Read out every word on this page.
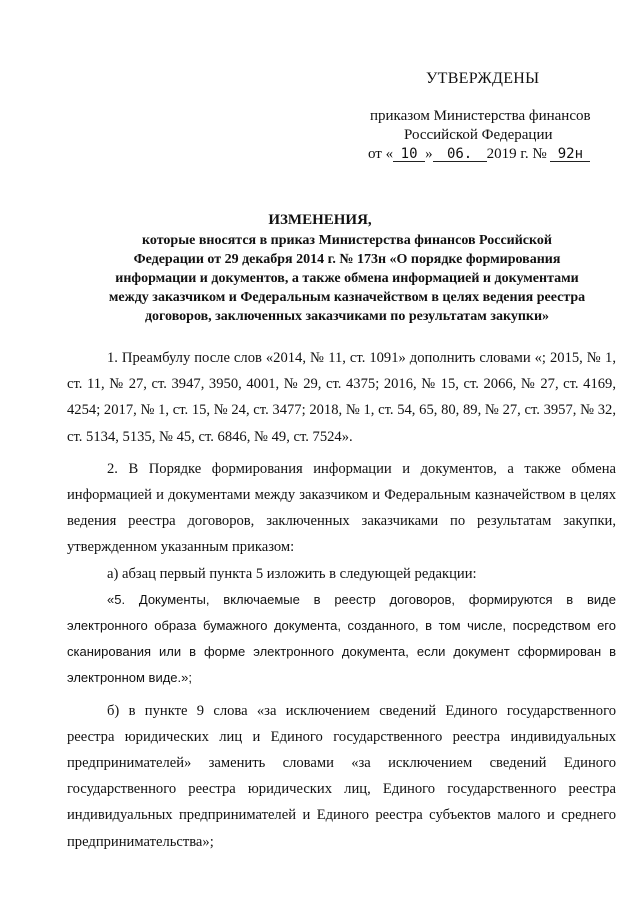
УТВЕРЖДЕНЫ
приказом Министерства финансов
Российской Федерации
от « 10 » 06. 2019 г. № 92н
ИЗМЕНЕНИЯ,
которые вносятся в приказ Министерства финансов Российской
Федерации от 29 декабря 2014 г. № 173н «О порядке формирования
информации и документов, а также обмена информацией и документами
между заказчиком и Федеральным казначейством в целях ведения реестра
договоров, заключенных заказчиками по результатам закупки»

1. Преамбулу после слов «2014, № 11, ст. 1091» дополнить словами «; 2015, № 1, ст. 11, № 27, ст. 3947, 3950, 4001, № 29, ст. 4375; 2016, № 15, ст. 2066, № 27, ст. 4169, 4254; 2017, № 1, ст. 15, № 24, ст. 3477; 2018, № 1, ст. 54, 65, 80, 89, № 27, ст. 3957, № 32, ст. 5134, 5135, № 45, ст. 6846, № 49, ст. 7524».

2. В Порядке формирования информации и документов, а также обмена информацией и документами между заказчиком и Федеральным казначейством в целях ведения реестра договоров, заключенных заказчиками по результатам закупки, утвержденном указанным приказом:

а) абзац первый пункта 5 изложить в следующей редакции:

«5. Документы, включаемые в реестр договоров, формируются в виде электронного образа бумажного документа, созданного, в том числе, посредством его сканирования или в форме электронного документа, если документ сформирован в электронном виде.»;

б) в пункте 9 слова «за исключением сведений Единого государственного реестра юридических лиц и Единого государственного реестра индивидуальных предпринимателей» заменить словами «за исключением сведений Единого государственного реестра юридических лиц, Единого государственного реестра индивидуальных предпринимателей и Единого реестра субъектов малого и среднего предпринимательства»;
